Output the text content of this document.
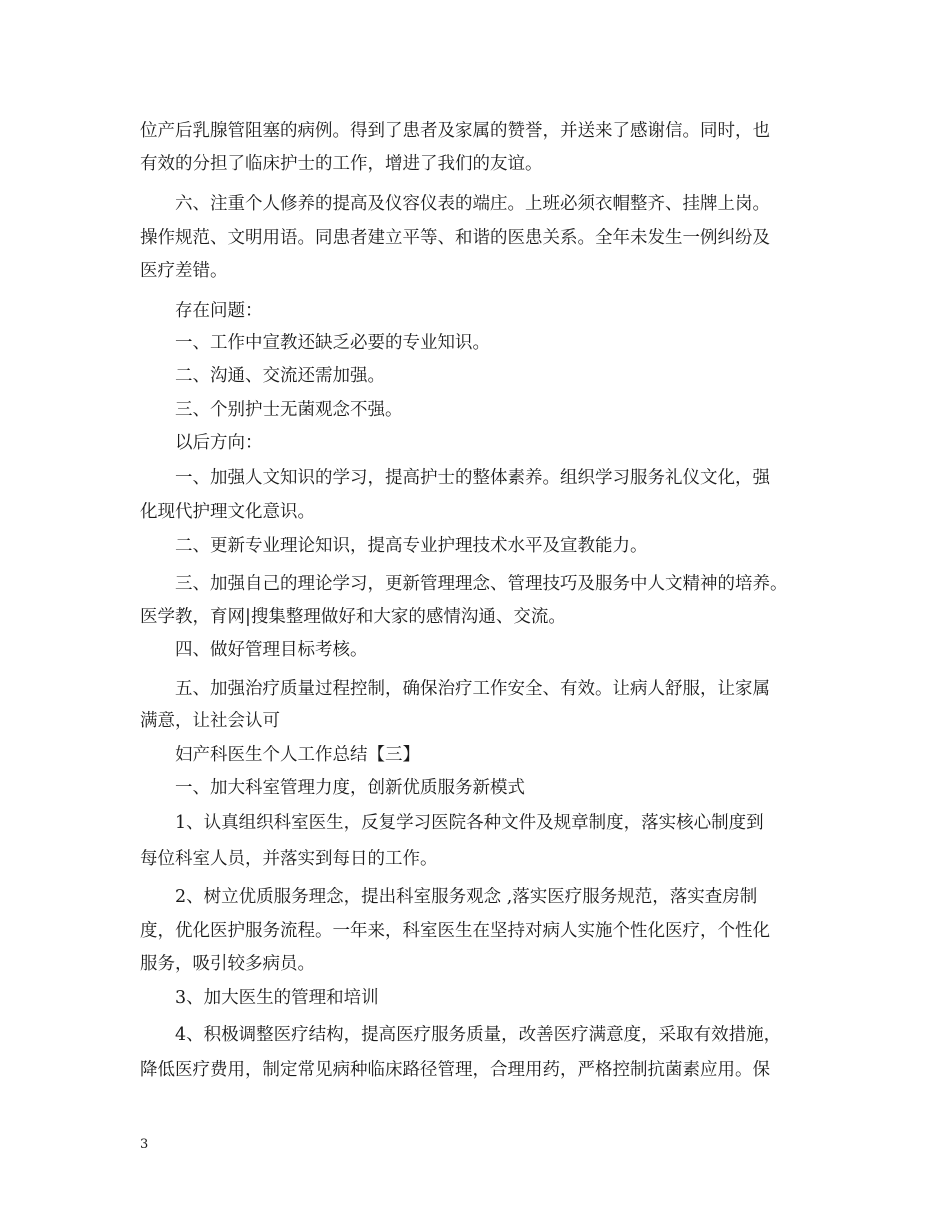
位产后乳腺管阻塞的病例。得到了患者及家属的赞誉，并送来了感谢信。同时，也
有效的分担了临床护士的工作，增进了我们的友谊。
六、注重个人修养的提高及仪容仪表的端庄。上班必须衣帽整齐、挂牌上岗。
操作规范、文明用语。同患者建立平等、和谐的医患关系。全年未发生一例纠纷及
医疗差错。
存在问题：
一、工作中宣教还缺乏必要的专业知识。
二、沟通、交流还需加强。
三、个别护士无菌观念不强。
以后方向：
一、加强人文知识的学习，提高护士的整体素养。组织学习服务礼仪文化，强
化现代护理文化意识。
二、更新专业理论知识，提高专业护理技术水平及宣教能力。
三、加强自己的理论学习，更新管理理念、管理技巧及服务中人文精神的培养。
医学教，育网|搜集整理做好和大家的感情沟通、交流。
四、做好管理目标考核。
五、加强治疗质量过程控制，确保治疗工作安全、有效。让病人舒服，让家属
满意，让社会认可
妇产科医生个人工作总结【三】
一、加大科室管理力度，创新优质服务新模式
1、认真组织科室医生，反复学习医院各种文件及规章制度，落实核心制度到
每位科室人员，并落实到每日的工作。
2、树立优质服务理念，提出科室服务观念 ,落实医疗服务规范，落实查房制
度，优化医护服务流程。一年来，科室医生在坚持对病人实施个性化医疗，个性化
服务，吸引较多病员。
3、加大医生的管理和培训
4、积极调整医疗结构，提高医疗服务质量，改善医疗满意度，采取有效措施，
降低医疗费用，制定常见病种临床路径管理，合理用药，严格控制抗菌素应用。保
3
